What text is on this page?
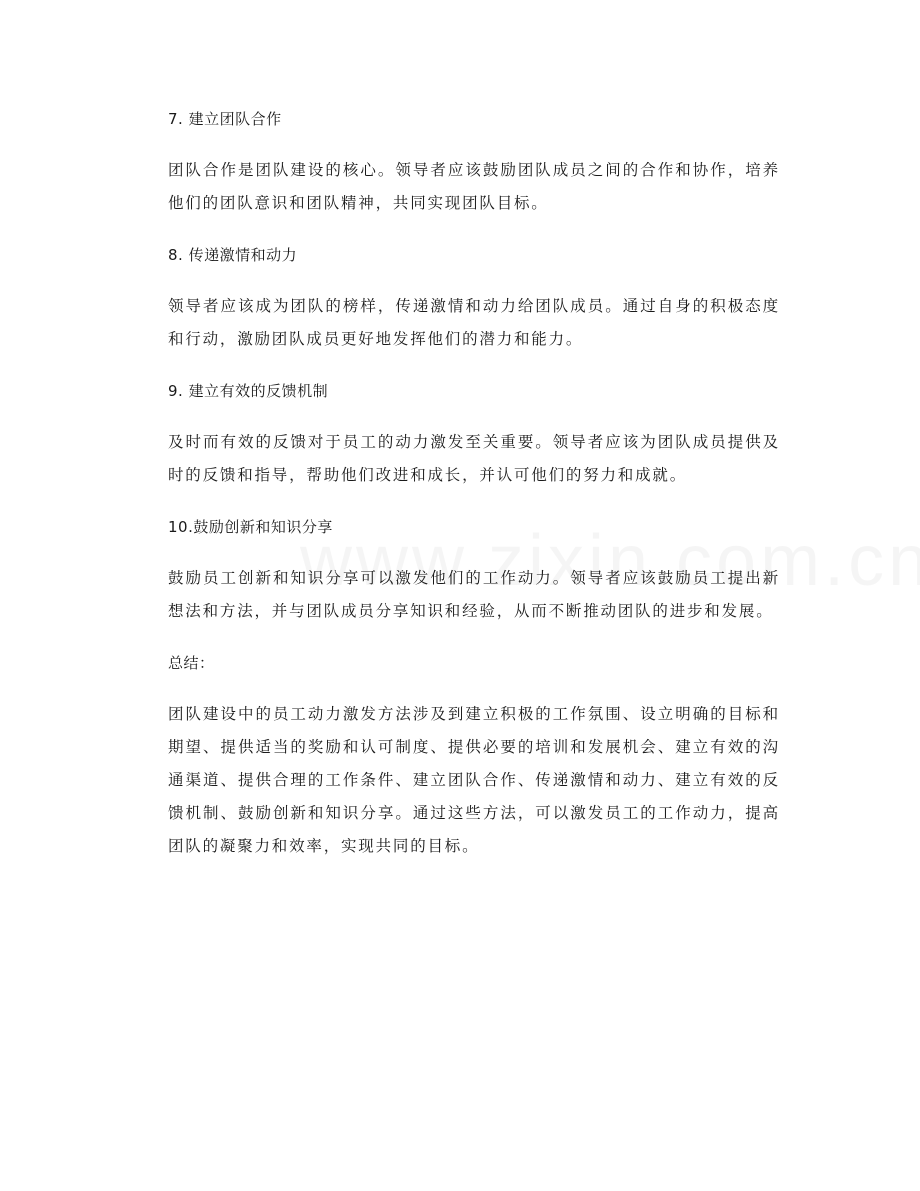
7. 建立团队合作

团队合作是团队建设的核心。领导者应该鼓励团队成员之间的合作和协作，培养他们的团队意识和团队精神，共同实现团队目标。

8. 传递激情和动力

领导者应该成为团队的榜样，传递激情和动力给团队成员。通过自身的积极态度和行动，激励团队成员更好地发挥他们的潜力和能力。

9. 建立有效的反馈机制

及时而有效的反馈对于员工的动力激发至关重要。领导者应该为团队成员提供及时的反馈和指导，帮助他们改进和成长，并认可他们的努力和成就。

10.鼓励创新和知识分享

鼓励员工创新和知识分享可以激发他们的工作动力。领导者应该鼓励员工提出新想法和方法，并与团队成员分享知识和经验，从而不断推动团队的进步和发展。

总结：

团队建设中的员工动力激发方法涉及到建立积极的工作氛围、设立明确的目标和期望、提供适当的奖励和认可制度、提供必要的培训和发展机会、建立有效的沟通渠道、提供合理的工作条件、建立团队合作、传递激情和动力、建立有效的反馈机制、鼓励创新和知识分享。通过这些方法，可以激发员工的工作动力，提高团队的凝聚力和效率，实现共同的目标。
